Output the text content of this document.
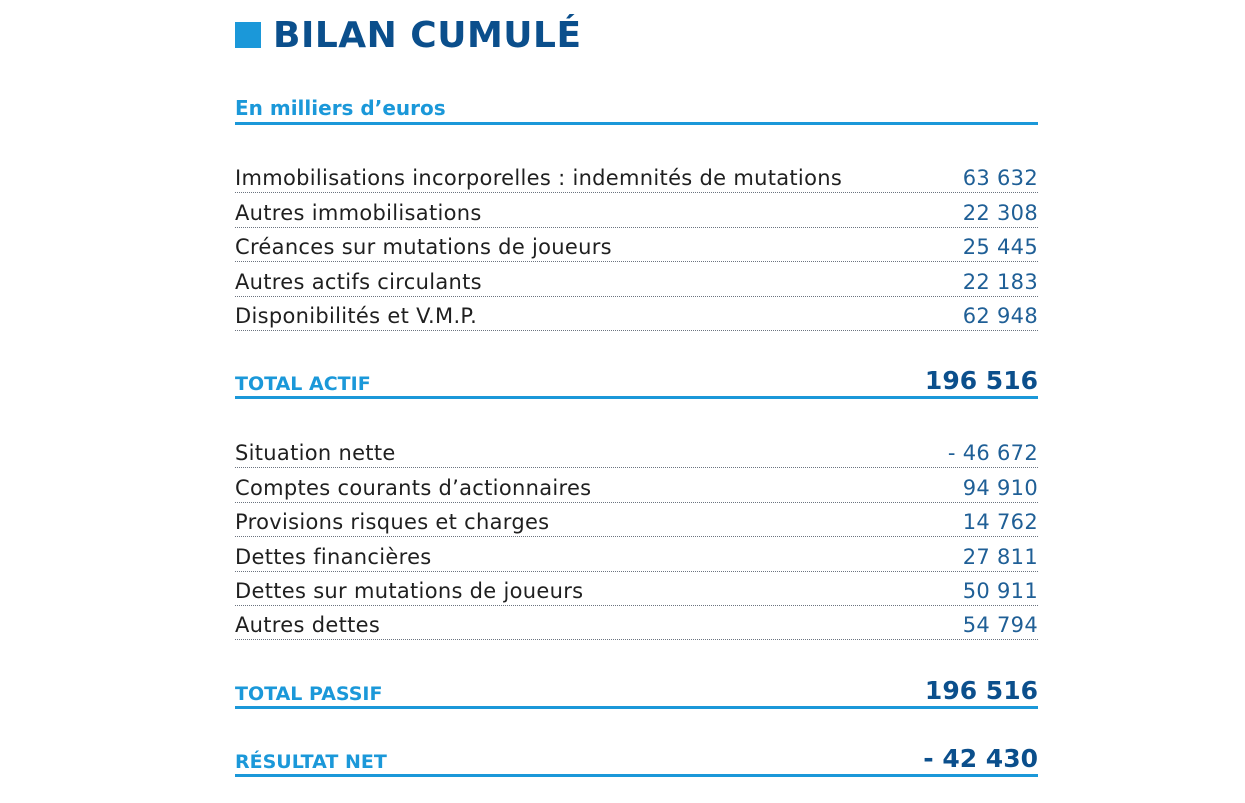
BILAN CUMULÉ
En milliers d’euros
Immobilisations incorporelles : indemnités de mutations	63 632
Autres immobilisations	22 308
Créances sur mutations de joueurs	25 445
Autres actifs circulants	22 183
Disponibilités et V.M.P.	62 948
TOTAL ACTIF	196 516
Situation nette	- 46 672
Comptes courants d’actionnaires	94 910
Provisions risques et charges	14 762
Dettes financières	27 811
Dettes sur mutations de joueurs	50 911
Autres dettes	54 794
TOTAL PASSIF	196 516
RÉSULTAT NET	- 42 430
